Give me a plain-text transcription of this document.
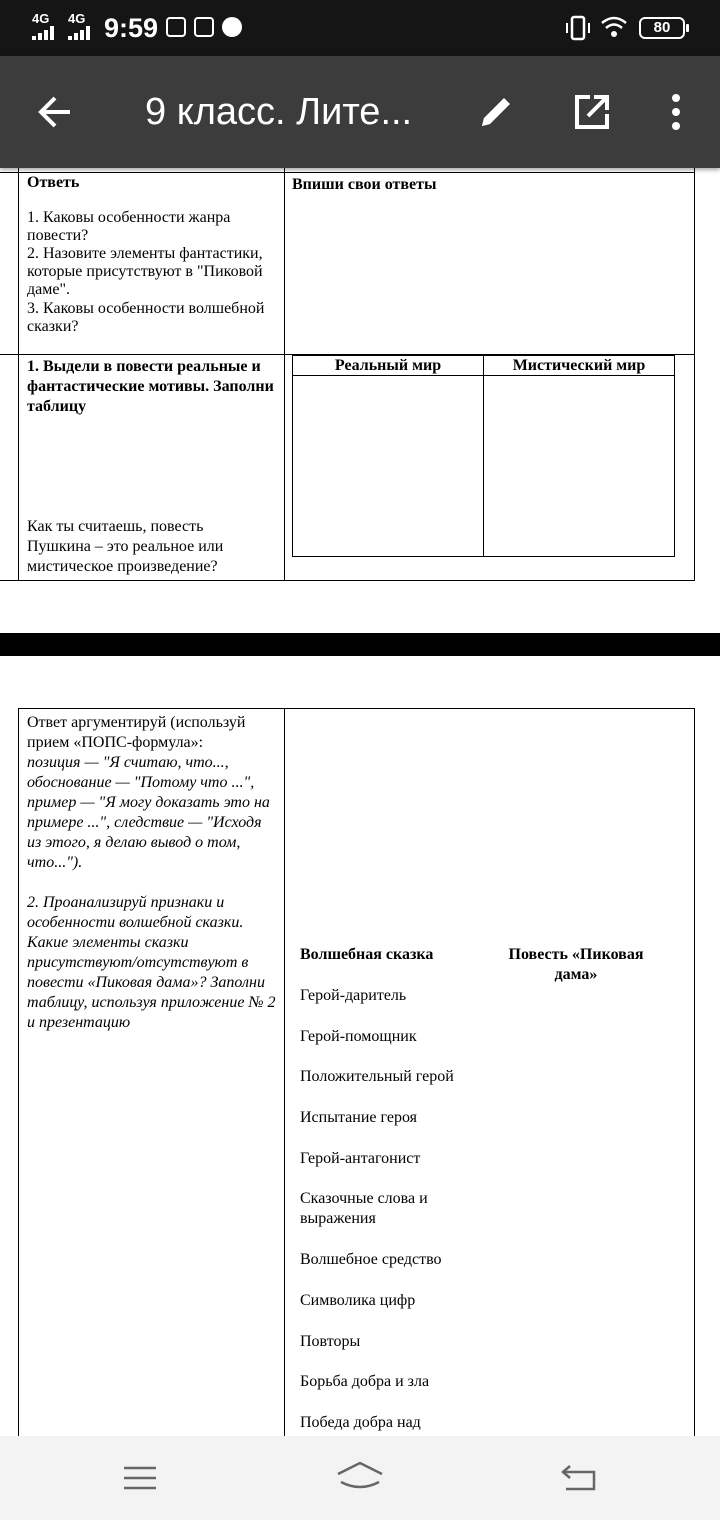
4G 4G 9:59	80
9 класс. Лите...
Ответь
1. Каковы особенности жанра повести?
2. Назовите элементы фантастики, которые присутствуют в "Пиковой даме".
3. Каковы особенности волшебной сказки?
Впиши свои ответы
1. Выдели в повести реальные и фантастические мотивы. Заполни таблицу
Как ты считаешь, повесть Пушкина – это реальное или мистическое произведение?
Реальный мир	Мистический мир
Ответ аргументируй (используй прием «ПОПС-формула»:
позиция — "Я считаю, что..., обоснование — "Потому что ...", пример — "Я могу доказать это на примере ...", следствие — "Исходя из этого, я делаю вывод о том, что...").
2. Проанализируй признаки и особенности волшебной сказки. Какие элементы сказки присутствуют/отсутствуют в повести «Пиковая дама»? Заполни таблицу, используя приложение № 2 и презентацию
Волшебная сказка	Повесть «Пиковая дама»
Герой-даритель
Герой-помощник
Положительный герой
Испытание героя
Герой-антагонист
Сказочные слова и выражения
Волшебное средство
Символика цифр
Повторы
Борьба добра и зла
Победа добра над
